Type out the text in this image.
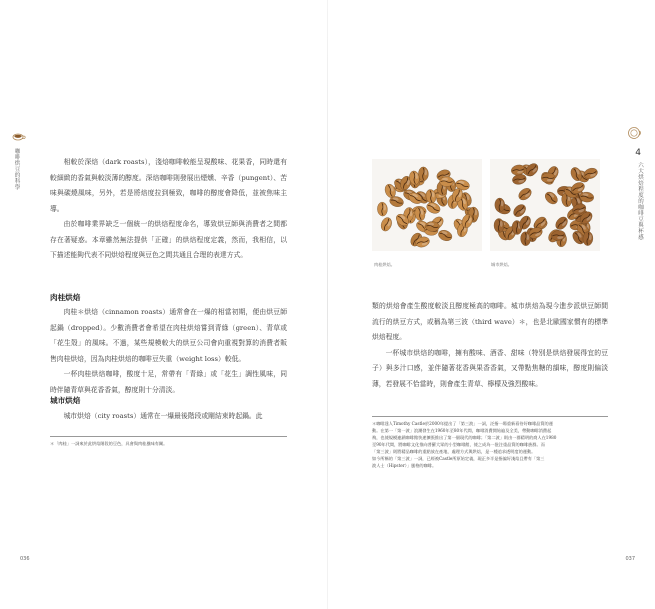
咖啡烘豆的科學	相較於深焙（dark roasts），淺焙咖啡較能呈現酸味、花果香，同時還有較細緻的香氣與較淡薄的醇度。深焙咖啡則發展出煙燻、辛香（pungent）、苦味與碳燒風味，另外，若是將焙度拉到極致，咖啡的醇度會降低，並被焦味主導。

由於咖啡業界缺乏一個統一的烘焙程度命名，導致烘豆師與消費者之間都存在著疑惑。本章雖然無法提供「正確」的烘焙程度定義，然而，我相信，以下描述能夠代表不同烘焙程度與豆色之間共通且合理的表達方式。

肉桂烘焙

肉桂＊烘焙（cinnamon roasts）通常會在一爆的相當初期，便由烘豆師起鍋（dropped）。少數消費者會希望在肉桂烘焙嘗到青綠（green）、青草或「花生殼」的風味。不過，某些規模較大的烘豆公司會向重視對算的消費者販售肉桂烘焙，因為肉桂烘焙的咖啡豆失重（weight loss）較低。

一杯肉桂烘焙咖啡，酸度十足，常帶有「青綠」或「花生」調性風味，同時伴隨青草與花香香氣，醇度則十分清淡。

城市烘焙

城市烘焙（city roasts）通常在一爆最後階段或剛結束時起鍋。此

＊「肉桂」一詞來於此烘焙階段的豆色，具會與肉桂風味有關。
036
4
六大烘焙程度的咖啡豆與杯感
肉桂烘焙。	城市烘焙。

類的烘焙會產生酸度較淡且醇度極高的咖啡。城市烘焙為現今進步派烘豆師間流行的烘豆方式，或稱為第三波（third wave）＊，也是北歐國家慣有的標準烘焙程度。

一杯城市烘焙的咖啡，擁有酸味、酒香、甜味（特別是烘焙發展得宜的豆子）與多汁口感，並伴隨著花香與果香香氣，又帶點焦糖的韻味，醇度則偏淡薄，若發展不恰當時，則會產生青草、檸檬及強烈酸味。

＊咖啡達人Timothy Castle於2000年提出了「第三波」一詞，泛指一場重新看待好咖啡品質的運
動。在第一「第一波」浪潮發生在1960年至80年代間，咖啡消費開始遍及全美，帶動咖啡消費起
飛，也使規模連鎖咖啡館快速擴張推出了第一個現代的咖啡；「第二波」則由一群精明的商人在1980
至90年代間，將咖啡文化推向普羅大眾的小型咖啡館，使之成為一批注重品質的咖啡族群。而
「第三波」則將精品咖啡的重點放在產地、處理方式與烘焙，是一種追求透明度的運動。
如今所稱的「第三波」一詞，已經被Castle所原始定義，現正多半是指偏好淺焙且帶有「第三
波人士（Hipster）」風格的咖啡。
037
